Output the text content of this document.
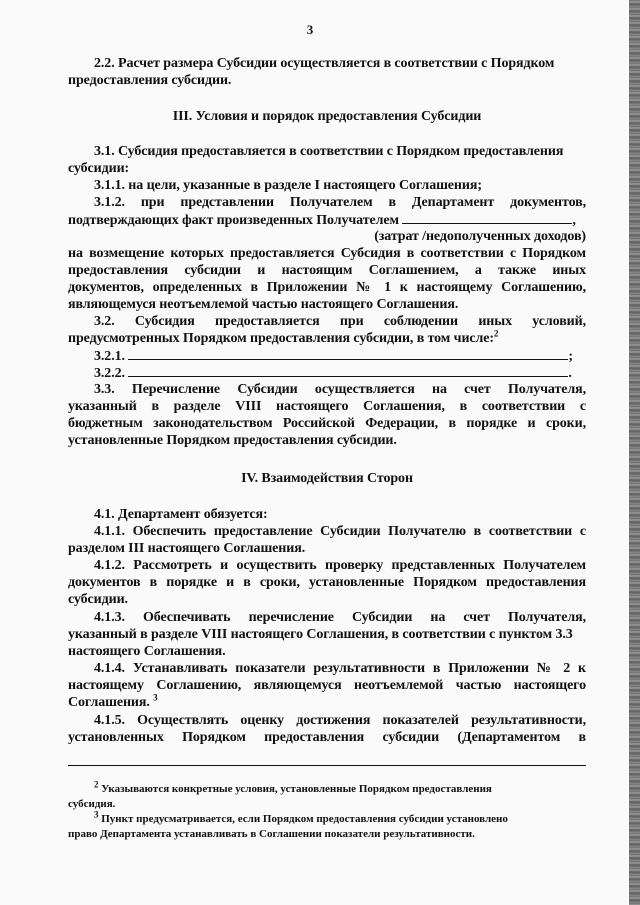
3
2.2. Расчет размера Субсидии осуществляется в соответствии с Порядком
предоставления субсидии.
III. Условия и порядок предоставления Субсидии
3.1. Субсидия предоставляется в соответствии с Порядком предоставления
субсидии:
3.1.1. на цели, указанные в разделе I настоящего Соглашения;
3.1.2. при представлении Получателем в Департамент документов,
подтверждающих факт произведенных Получателем	,
(затрат /недополученных доходов)
на возмещение которых предоставляется Субсидия в соответствии с Порядком
предоставления субсидии и настоящим Соглашением, а также иных
документов, определенных в Приложении № 1 к настоящему Соглашению,
являющемуся неотъемлемой частью настоящего Соглашения.
3.2. Субсидия предоставляется при соблюдении иных условий,
предусмотренных Порядком предоставления субсидии, в том числе:$^2$
3.2.1.	;
3.2.2.	.
3.3. Перечисление Субсидии осуществляется на счет Получателя,
указанный в разделе VIII настоящего Соглашения, в соответствии с
бюджетным законодательством Российской Федерации, в порядке и сроки,
установленные Порядком предоставления субсидии.
IV. Взаимодействия Сторон
4.1. Департамент обязуется:
4.1.1. Обеспечить предоставление Субсидии Получателю в соответствии с
разделом III настоящего Соглашения.
4.1.2. Рассмотреть и осуществить проверку представленных Получателем
документов в порядке и в сроки, установленные Порядком предоставления
субсидии.
4.1.3. Обеспечивать перечисление Субсидии на счет Получателя,
указанный в разделе VIII настоящего Соглашения, в соответствии с пунктом 3.3
настоящего Соглашения.
4.1.4. Устанавливать показатели результативности в Приложении № 2 к
настоящему Соглашению, являющемуся неотъемлемой частью настоящего
Соглашения. $^3$
4.1.5. Осуществлять оценку достижения показателей результативности,
установленных Порядком предоставления субсидии (Департаментом в
$^2$ Указываются конкретные условия, установленные Порядком предоставления
субсидия.
$^3$ Пункт предусматривается, если Порядком предоставления субсидии установлено
право Департамента устанавливать в Соглашении показатели результативности.
